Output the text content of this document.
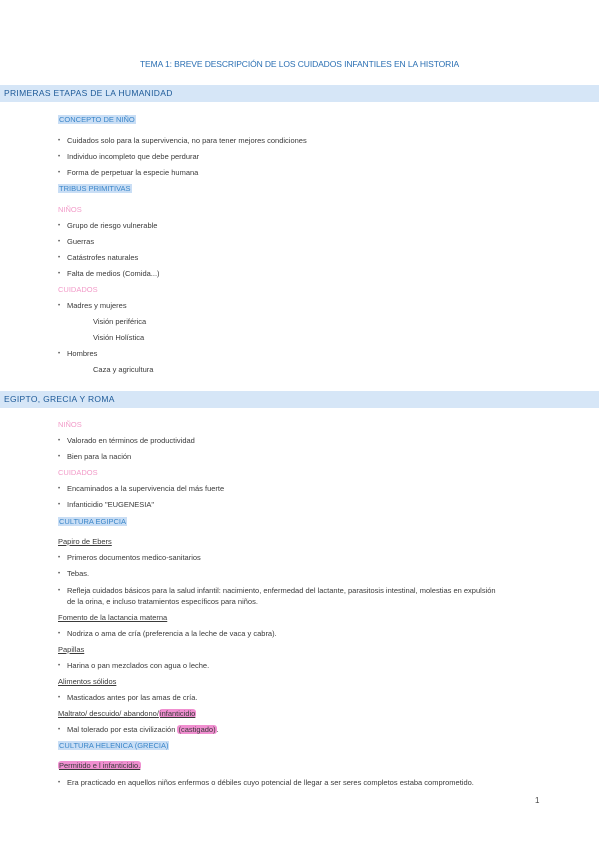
TEMA 1: BREVE DESCRIPCIÓN DE LOS CUIDADOS INFANTILES EN LA HISTORIA
PRIMERAS ETAPAS DE LA HUMANIDAD
CONCEPTO DE NIÑO
• Cuidados solo para la supervivencia, no para tener mejores condiciones
• Individuo incompleto que debe perdurar
• Forma de perpetuar la especie humana
TRIBUS PRIMITIVAS
NIÑOS
• Grupo de riesgo vulnerable
• Guerras
• Catástrofes naturales
• Falta de medios (Comida...)
CUIDADOS
• Madres y mujeres
Visión periférica
Visión Holística
• Hombres
Caza y agricultura
EGIPTO, GRECIA Y ROMA
NIÑOS
• Valorado en términos de productividad
• Bien para la nación
CUIDADOS
• Encaminados a la supervivencia del más fuerte
• Infanticidio "EUGENESIA"
CULTURA EGIPCIA
Papiro de Ebers
• Primeros documentos medico-sanitarios
• Tebas.
• Refleja cuidados básicos para la salud infantil: nacimiento, enfermedad del lactante, parasitosis intestinal, molestias en expulsión
de la orina, e incluso tratamientos específicos para niños.
Fomento de la lactancia materna
• Nodriza o ama de cría (preferencia a la leche de vaca y cabra).
Papillas
• Harina o pan mezclados con agua o leche.
Alimentos sólidos
• Masticados antes por las amas de cría.
Maltrato/ descuido/ abandono/infanticidio
• Mal tolerado por esta civilización (castigado).
CULTURA HELENICA (GRECIA)
Permitido e l infanticidio.
• Era practicado en aquellos niños enfermos o débiles cuyo potencial de llegar a ser seres completos estaba comprometido.
1
